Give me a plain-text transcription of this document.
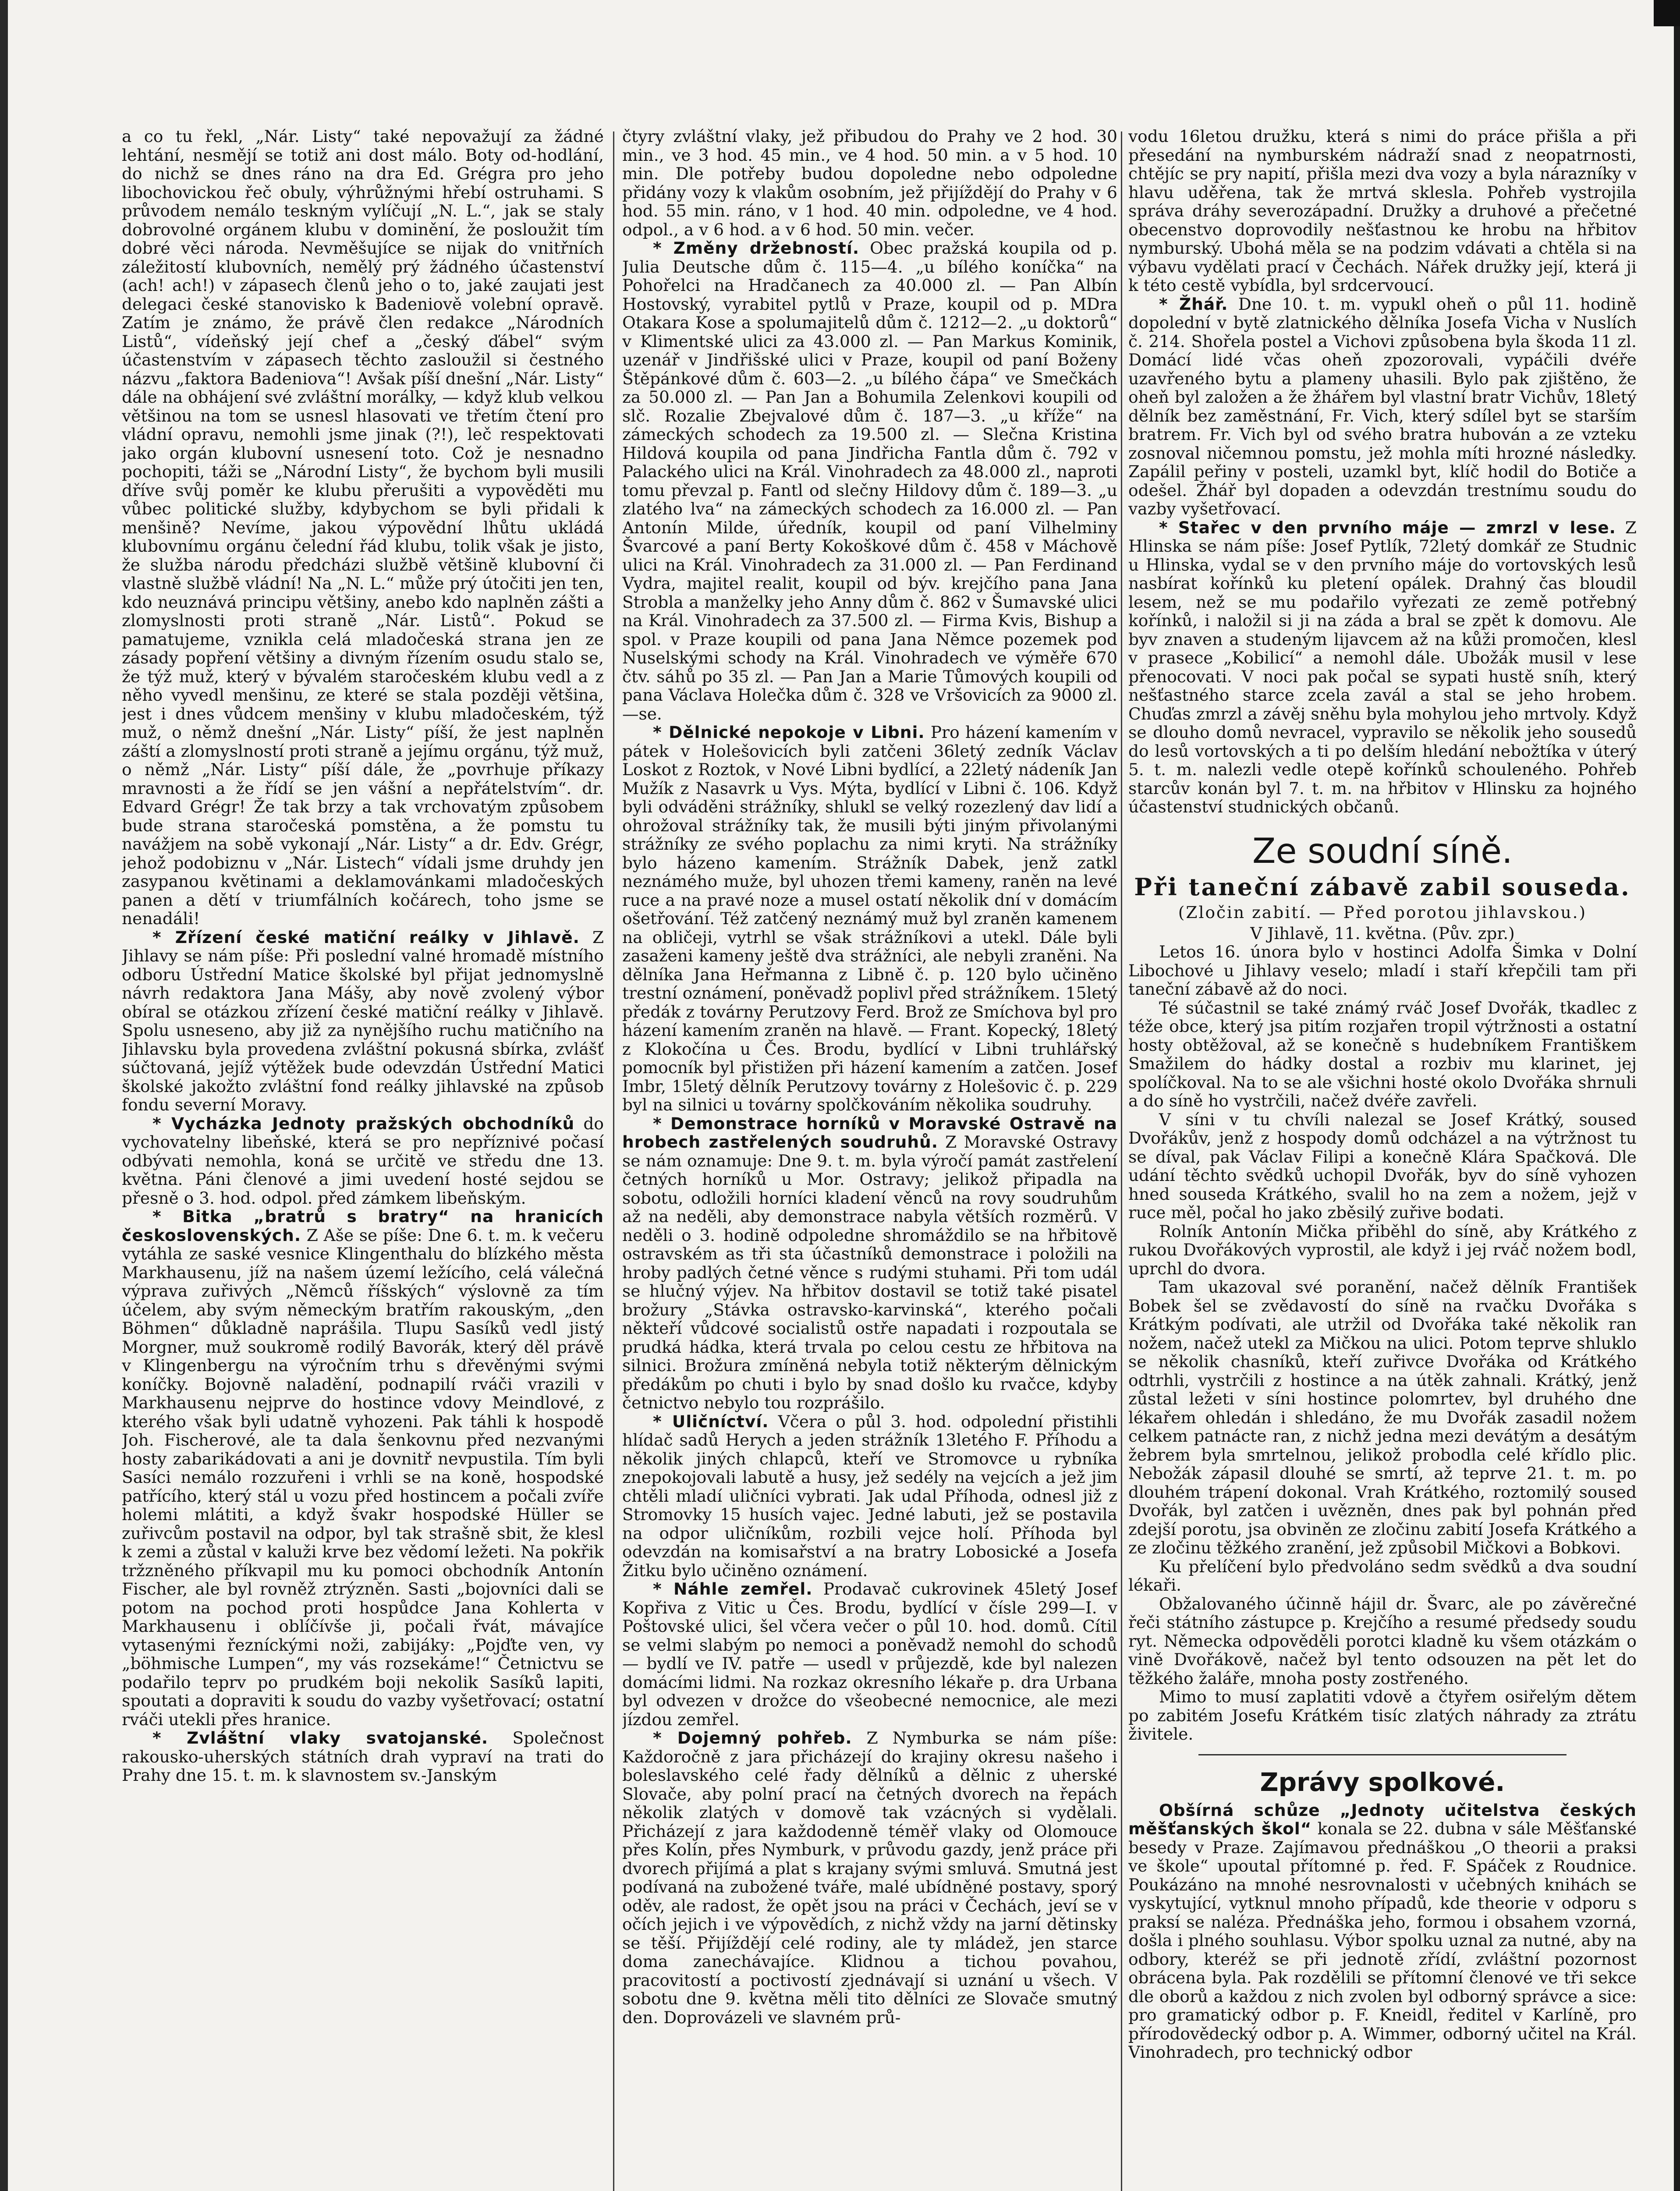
a co tu řekl, „Nár. Listy“ také nepovažují za žádné lehtání, nesmějí se totiž ani dost málo. Boty od-hodlání, do nichž se dnes ráno na dra Ed. Grégra pro jeho libochovickou řeč obuly, výhrůžnými hřebí ostruhami. S průvodem nemálo teskným vylíčují „N. L.“, jak se staly dobrovolné orgánem klubu v dominění, že posloužit tím dobré věci národa. Nevměšujíce se nijak do vnitřních záležitostí klubovních, nemělý prý žádného účastenství (ach! ach!) v zápasech členů jeho o to, jaké zaujati jest delegaci české stanovisko k Badeniově volební opravě. Zatím je známo, že právě člen redakce „Národních Listů“, vídeňský její chef a „český ďábel“ svým účastenstvím v zápasech těchto zasloužil si čestného názvu „faktora Badeniova“! Avšak píší dnešní „Nár. Listy“ dále na obhájení své zvláštní morálky, — když klub velkou většinou na tom se usnesl hlasovati ve třetím čtení pro vládní opravu, nemohli jsme jinak (?!), leč respektovati jako orgán klubovní usnesení toto. Což je nesnadno pochopiti, táži se „Národní Listy“, že bychom byli musili dříve svůj poměr ke klubu přerušiti a vypověděti mu vůbec politické služby, kdybychom se byli přidali k menšině? Nevíme, jakou výpovědní lhůtu ukládá klubovnímu orgánu čelední řád klubu, tolik však je jisto, že služba národu předcházi službě většině klubovní či vlastně službě vládní! Na „N. L.“ může prý útočiti jen ten, kdo neuznává principu většiny, anebo kdo naplněn zášti a zlomyslnosti proti straně „Nár. Listů“. Pokud se pamatujeme, vznikla celá mladočeská strana jen ze zásady popření většiny a divným řízením osudu stalo se, že týž muž, který v bývalém staročeském klubu vedl a z něho vyvedl menšinu, ze které se stala později většina, jest i dnes vůdcem menšiny v klubu mladočeském, týž muž, o němž dnešní „Nár. Listy“ píší, že jest naplněn záští a zlomyslností proti straně a jejímu orgánu, týž muž, o němž „Nár. Listy“ píší dále, že „povrhuje příkazy mravnosti a že řídí se jen vášní a nepřátelstvím“. dr. Edvard Grégr! Že tak brzy a tak vrchovatým způsobem bude strana staročeská pomstěna, a že pomstu tu navážjem na sobě vykonají „Nár. Listy“ a dr. Edv. Grégr, jehož podobiznu v „Nár. Listech“ vídali jsme druhdy jen zasypanou květinami a deklamovánkami mladočeských panen a dětí v triumfálních kočárech, toho jsme se nenadáli!

* Zřízení české matiční reálky v Jihlavě. Z Jihlavy se nám píše: Při poslední valné hromadě místního odboru Ústřední Matice školské byl přijat jednomyslně návrh redaktora Jana Mášy, aby nově zvolený výbor obíral se otázkou zřízení české matiční reálky v Jihlavě. Spolu usneseno, aby již za nynějšího ruchu matičního na Jihlavsku byla provedena zvláštní pokusná sbírka, zvlášť súčtovaná, jejíž výtěžek bude odevzdán Ústřední Matici školské jakožto zvláštní fond reálky jihlavské na způsob fondu severní Moravy.

* Vycházka Jednoty pražských obchodníků do vychovatelny libeňské, která se pro nepříznivé počasí odbývati nemohla, koná se určitě ve středu dne 13. května. Páni členové a jimi uvedení hosté sejdou se přesně o 3. hod. odpol. před zámkem libeňským.

* Bitka „bratrů s bratry“ na hranicích československých. Z Aše se píše: Dne 6. t. m. k večeru vytáhla ze saské vesnice Klingenthalu do blízkého města Markhausenu, jíž na našem území ležícího, celá válečná výprava zuřivých „Němců říšských“ výslovně za tím účelem, aby svým německým bratřím rakouským, „den Böhmen“ důkladně naprášila. Tlupu Sasíků vedl jistý Morgner, muž soukromě rodilý Bavorák, který děl právě v Klingenbergu na výročním trhu s dřevěnými svými koníčky. Bojovně naladění, podnapilí rváči vrazili v Markhausenu nejprve do hostince vdovy Meindlové, z kterého však byli udatně vyhozeni. Pak táhli k hospodě Joh. Fischerové, ale ta dala šenkovnu před nezvanými hosty zabarikádovati a ani je dovnitř nevpustila. Tím byli Sasíci nemálo rozzuřeni i vrhli se na koně, hospodské patřícího, který stál u vozu před hostincem a počali zvíře holemi mlátiti, a když švakr hospodské Hüller se zuřivcům postavil na odpor, byl tak strašně sbit, že klesl k zemi a zůstal v kaluži krve bez vědomí ležeti. Na pokřik tržzněného příkvapil mu ku pomoci obchodník Antonín Fischer, ale byl rovněž ztrýzněn. Sasti „bojovníci dali se potom na pochod proti hospůdce Jana Kohlerta v Markhausenu i oblíčívše ji, počali řvát, mávajíce vytasenými řezníckými noži, zabijáky: „Pojďte ven, vy „böhmische Lumpen“, my vás rozsekáme!“ Četnictvu se podařilo teprv po prudkém boji nekolik Sasíků lapiti, spoutati a dopraviti k soudu do vazby vyšetřovací; ostatní rváči utekli přes hranice.

* Zvláštní vlaky svatojanské. Společnost rakousko-uherských státních drah vypraví na trati do Prahy dne 15. t. m. k slavnostem sv.-Janským

čtyry zvláštní vlaky, jež přibudou do Prahy ve 2 hod. 30 min., ve 3 hod. 45 min., ve 4 hod. 50 min. a v 5 hod. 10 min. Dle potřeby budou dopoledne nebo odpoledne přidány vozy k vlakům osobním, jež přijíždějí do Prahy v 6 hod. 55 min. ráno, v 1 hod. 40 min. odpoledne, ve 4 hod. odpol., a v 6 hod. a v 6 hod. 50 min. večer.

* Změny držebností. Obec pražská koupila od p. Julia Deutsche dům č. 115—4. „u bílého koníčka“ na Pohořelci na Hradčanech za 40.000 zl. — Pan Albín Hostovský, vyrabitel pytlů v Praze, koupil od p. MDra Otakara Kose a spolumajitelů dům č. 1212—2. „u doktorů“ v Klimentské ulici za 43.000 zl. — Pan Markus Kominik, uzenář v Jindřišské ulici v Praze, koupil od paní Boženy Štěpánkové dům č. 603—2. „u bílého čápa“ ve Smečkách za 50.000 zl. — Pan Jan a Bohumila Zelenkovi koupili od slč. Rozalie Zbejvalové dům č. 187—3. „u kříže“ na zámeckých schodech za 19.500 zl. — Slečna Kristina Hildová koupila od pana Jindřicha Fantla dům č. 792 v Palackého ulici na Král. Vinohradech za 48.000 zl., naproti tomu převzal p. Fantl od slečny Hildovy dům č. 189—3. „u zlatého lva“ na zámeckých schodech za 16.000 zl. — Pan Antonín Milde, úředník, koupil od paní Vilhelminy Švarcové a paní Berty Kokoškové dům č. 458 v Máchově ulici na Král. Vinohradech za 31.000 zl. — Pan Ferdinand Vydra, majitel realit, koupil od býv. krejčího pana Jana Strobla a manželky jeho Anny dům č. 862 v Šumavské ulici na Král. Vinohradech za 37.500 zl. — Firma Kvis, Bishup a spol. v Praze koupili od pana Jana Němce pozemek pod Nuselskými schody na Král. Vinohradech ve výměře 670 čtv. sáhů po 35 zl. — Pan Jan a Marie Tůmových koupili od pana Václava Holečka dům č. 328 ve Vršovicích za 9000 zl. —se.

* Dělnické nepokoje v Libni. Pro házení kamením v pátek v Holešovicích byli zatčeni 36letý zedník Václav Loskot z Roztok, v Nové Libni bydlící, a 22letý nádeník Jan Mužík z Nasavrk u Vys. Mýta, bydlící v Libni č. 106. Když byli odváděni strážníky, shlukl se velký rozezlený dav lidí a ohrožoval strážníky tak, že musili býti jiným přivolanými strážníky ze svého poplachu za nimi kryti. Na strážníky bylo házeno kamením. Strážník Dabek, jenž zatkl neznámého muže, byl uhozen třemi kameny, raněn na levé ruce a na pravé noze a musel ostatí několik dní v domácím ošetřování. Též zatčený neznámý muž byl zraněn kamenem na obličeji, vytrhl se však strážníkovi a utekl. Dále byli zasaženi kameny ještě dva strážníci, ale nebyli zraněni. Na dělníka Jana Heřmanna z Libně č. p. 120 bylo učiněno trestní oznámení, poněvadž poplivl před strážníkem. 15letý předák z továrny Perutzovy Ferd. Brož ze Smíchova byl pro házení kamením zraněn na hlavě. — Frant. Kopecký, 18letý z Klokočína u Čes. Brodu, bydlící v Libni truhlářský pomocník byl přistižen při házení kamením a zatčen. Josef Imbr, 15letý dělník Perutzovy továrny z Holešovic č. p. 229 byl na silnici u továrny spolčkováním několika soudruhy.

* Demonstrace horníků v Moravské Ostravě na hrobech zastřelených soudruhů. Z Moravské Ostravy se nám oznamuje: Dne 9. t. m. byla výročí památ zastřelení četných horníků u Mor. Ostravy; jelikož připadla na sobotu, odložili horníci kladení věnců na rovy soudruhům až na neděli, aby demonstrace nabyla větších rozměrů. V neděli o 3. hodině odpoledne shromáždilo se na hřbitově ostravském as tři sta účastníků demonstrace i položili na hroby padlých četné věnce s rudými stuhami. Při tom udál se hlučný výjev. Na hřbitov dostavil se totiž také pisatel brožury „Stávka ostravsko-karvinská“, kterého počali někteří vůdcové socialistů ostře napadati i rozpoutala se prudká hádka, která trvala po celou cestu ze hřbitova na silnici. Brožura zmíněná nebyla totiž některým dělnickým předákům po chuti i bylo by snad došlo ku rvačce, kdyby četnictvo nebylo tou rozprášilo.

* Uličníctví. Včera o půl 3. hod. odpolední přistihli hlídač sadů Herych a jeden strážník 13letého F. Příhodu a několik jiných chlapců, kteří ve Stromovce u rybníka znepokojovali labutě a husy, jež sedély na vejcích a jež jim chtěli mladí uličníci vybrati. Jak udal Příhoda, odnesl již z Stromovky 15 husích vajec. Jedné labuti, jež se postavila na odpor uličníkům, rozbili vejce holí. Příhoda byl odevzdán na komisařství a na bratry Lobosické a Josefa Žitku bylo učiněno oznámení.

* Náhle zemřel. Prodavač cukrovinek 45letý Josef Kopřiva z Vitic u Čes. Brodu, bydlící v čísle 299—I. v Poštovské ulici, šel včera večer o půl 10. hod. domů. Cítil se velmi slabým po nemoci a poněvadž nemohl do schodů — bydlí ve IV. patře — usedl v průjezdě, kde byl nalezen domácími lidmi. Na rozkaz okresního lékaře p. dra Urbana byl odvezen v drožce do všeobecné nemocnice, ale mezi jízdou zemřel.

* Dojemný pohřeb. Z Nymburka se nám píše: Každoročně z jara přicházejí do krajiny okresu našeho i boleslavského celé řady dělníků a dělnic z uherské Slovače, aby polní prací na četných dvorech na řepách několik zlatých v domově tak vzácných si vydělali. Přicházejí z jara každodenně téměř vlaky od Olomouce přes Kolín, přes Nymburk, v průvodu gazdy, jenž práce při dvorech přijímá a plat s krajany svými smluvá. Smutná jest podívaná na zubožené tváře, malé ubídněné postavy, sporý oděv, ale radost, že opět jsou na práci v Čechách, jeví se v očích jejich i ve výpovědích, z nichž vždy na jarní dětinsky se těší. Přijíždějí celé rodiny, ale ty mládež, jen starce doma zanechávajíce. Klidnou a tichou povahou, pracovitostí a poctivostí zjednávají si uznání u všech. V sobotu dne 9. května měli tito dělníci ze Slovače smutný den. Doprovázeli ve slavném prů-

vodu 16letou družku, která s nimi do práce přišla a při přesedání na nymburském nádraží snad z neopatrnosti, chtějíc se pry napití, přišla mezi dva vozy a byla nárazníky v hlavu uděřena, tak že mrtvá sklesla. Pohřeb vystrojila správa dráhy severozápadní. Družky a druhové a přečetné obecenstvo doprovodily nešťastnou ke hrobu na hřbitov nymburský. Ubohá měla se na podzim vdávati a chtěla si na výbavu vydělati prací v Čechách. Nářek družky její, která ji k této cestě vybídla, byl srdcervoucí.

* Žhář. Dne 10. t. m. vypukl oheň o půl 11. hodině dopolední v bytě zlatnického dělníka Josefa Vicha v Nuslích č. 214. Shořela postel a Vichovi způsobena byla škoda 11 zl. Domácí lidé včas oheň zpozorovali, vypáčili dvéře uzavřeného bytu a plameny uhasili. Bylo pak zjištěno, že oheň byl založen a že žhářem byl vlastní bratr Vichův, 18letý dělník bez zaměstnání, Fr. Vich, který sdílel byt se starším bratrem. Fr. Vich byl od svého bratra hubován a ze vzteku zosnoval ničemnou pomstu, jež mohla míti hrozné následky. Zapálil peřiny v posteli, uzamkl byt, klíč hodil do Botiče a odešel. Žhář byl dopaden a odevzdán trestnímu soudu do vazby vyšetřovací.

* Stařec v den prvního máje — zmrzl v lese. Z Hlinska se nám píše: Josef Pytlík, 72letý domkář ze Studnic u Hlinska, vydal se v den prvního máje do vortovských lesů nasbírat kořínků ku pletení opálek. Drahný čas bloudil lesem, než se mu podařilo vyřezati ze země potřebný kořínků, i naložil si ji na záda a bral se zpět k domovu. Ale byv znaven a studeným lijavcem až na kůži promočen, klesl v prasece „Kobilicí“ a nemohl dále. Ubožák musil v lese přenocovati. V noci pak počal se sypati hustě sníh, který nešťastného starce zcela zavál a stal se jeho hrobem. Chuďas zmrzl a závěj sněhu byla mohylou jeho mrtvoly. Když se dlouho domů nevracel, vypravilo se několik jeho sousedů do lesů vortovských a ti po delším hledání nebožtíka v úterý 5. t. m. nalezli vedle otepě kořínků schouleného. Pohřeb starcův konán byl 7. t. m. na hřbitov v Hlinsku za hojného účastenství studnických občanů.

Ze soudní síně.
Při taneční zábavě zabil souseda.
(Zločin zabití. — Před porotou jihlavskou.)

V Jihlavě, 11. května. (Pův. zpr.)

Letos 16. února bylo v hostinci Adolfa Šimka v Dolní Libochové u Jihlavy veselo; mladí i staří křepčili tam při taneční zábavě až do noci.

Té súčastnil se také známý rváč Josef Dvořák, tkadlec z téže obce, který jsa pitím rozjařen tropil výtržnosti a ostatní hosty obtěžoval, až se konečně s hudebníkem Františkem Smažilem do hádky dostal a rozbiv mu klarinet, jej spolíčkoval. Na to se ale všichni hosté okolo Dvořáka shrnuli a do síně ho vystrčili, načež dvéře zavřeli.

V síni v tu chvíli nalezal se Josef Krátký, soused Dvořákův, jenž z hospody domů odcházel a na výtržnost tu se díval, pak Václav Filipi a konečně Klára Spačková. Dle udání těchto svědků uchopil Dvořák, byv do síně vyhozen hned souseda Krátkého, svalil ho na zem a nožem, jejž v ruce měl, počal ho jako zběsilý zuřive bodati.

Rolník Antonín Mička přiběhl do síně, aby Krátkého z rukou Dvořákových vyprostil, ale když i jej rváč nožem bodl, uprchl do dvora.

Tam ukazoval své poranění, načež dělník František Bobek šel se zvědavostí do síně na rvačku Dvořáka s Krátkým podívati, ale utržil od Dvořáka také několik ran nožem, načež utekl za Mičkou na ulici. Potom teprve shluklo se několik chasníků, kteří zuřivce Dvořáka od Krátkého odtrhli, vystrčili z hostince a na útěk zahnali. Krátký, jenž zůstal ležeti v síni hostince polomrtev, byl druhého dne lékařem ohledán i shledáno, že mu Dvořák zasadil nožem celkem patnácte ran, z nichž jedna mezi devátým a desátým žebrem byla smrtelnou, jelikož probodla celé křídlo plic. Nebožák zápasil dlouhé se smrtí, až teprve 21. t. m. po dlouhém trápení dokonal. Vrah Krátkého, roztomilý soused Dvořák, byl zatčen i uvězněn, dnes pak byl pohnán před zdejší porotu, jsa obviněn ze zločinu zabití Josefa Krátkého a ze zločinu těžkého zranění, jež způsobil Mičkovi a Bobkovi.

Ku přelíčení bylo předvoláno sedm svědků a dva soudní lékaři.

Obžalovaného účinně hájil dr. Švarc, ale po závěrečné řeči státního zástupce p. Krejčího a resumé předsedy soudu ryt. Německa odpověděli porotci kladně ku všem otázkám o vině Dvořákově, načež byl tento odsouzen na pět let do těžkého žaláře, mnoha posty zostřeného.

Mimo to musí zaplatiti vdově a čtyřem osiřelým dětem po zabitém Josefu Krátkém tisíc zlatých náhrady za ztrátu živitele.

Zprávy spolkové.

Obšírná schůze „Jednoty učitelstva českých měšťanských škol“ konala se 22. dubna v sále Měšťanské besedy v Praze. Zajímavou přednáškou „O theorii a praksi ve škole“ upoutal přítomné p. řed. F. Spáček z Roudnice. Poukázáno na mnohé nesrovnalosti v učebných knihách se vyskytující, vytknul mnoho případů, kde theorie v odporu s praksí se naléza. Přednáška jeho, formou i obsahem vzorná, došla i plného souhlasu. Výbor spolku uznal za nutné, aby na odbory, kteréž se při jednotě zřídí, zvláštní pozornost obrácena byla. Pak rozdělili se přítomní členové ve tři sekce dle oborů a každou z nich zvolen byl odborný správce a sice: pro gramatický odbor p. F. Kneidl, ředitel v Karlíně, pro přírodovědecký odbor p. A. Wimmer, odborný učitel na Král. Vinohradech, pro technický odbor
